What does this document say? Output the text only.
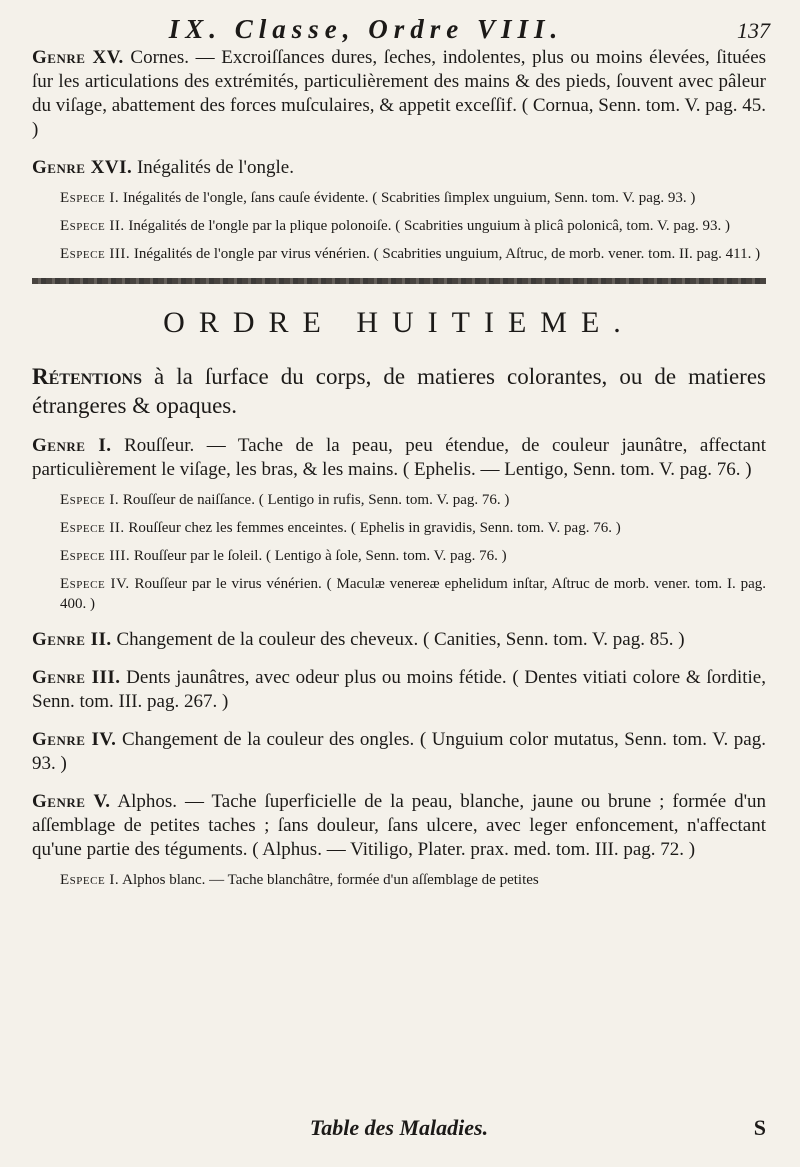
IX. Classe, Ordre VIII.	137

Genre XV. Cornes. — Excroiſſances dures, ſeches, indolentes, plus ou moins élevées, ſituées ſur les articulations des extrémités, particulièrement des mains & des pieds, ſouvent avec pâleur du viſage, abattement des forces muſculaires, & appetit exceſſif. ( Cornua, Senn. tom. V. pag. 45. )

Genre XVI. Inégalités de l'ongle.

Espece I. Inégalités de l'ongle, ſans cauſe évidente. ( Scabrities ſimplex unguium, Senn. tom. V. pag. 93. )

Espece II. Inégalités de l'ongle par la plique polonoiſe. ( Scabrities unguium à plicâ polonicâ, tom. V. pag. 93. )

Espece III. Inégalités de l'ongle par virus vénérien. ( Scabrities unguium, Aſtruc, de morb. vener. tom. II. pag. 411. )

ORDRE HUITIEME.

Rétentions à la ſurface du corps, de matieres colorantes, ou de matieres étrangeres & opaques.

Genre I. Rouſſeur. — Tache de la peau, peu étendue, de couleur jaunâtre, affectant particulièrement le viſage, les bras, & les mains. ( Ephelis. — Lentigo, Senn. tom. V. pag. 76. )

Espece I. Rouſſeur de naiſſance. ( Lentigo in rufis, Senn. tom. V. pag. 76. )

Espece II. Rouſſeur chez les femmes enceintes. ( Ephelis in gravidis, Senn. tom. V. pag. 76. )

Espece III. Rouſſeur par le ſoleil. ( Lentigo à ſole, Senn. tom. V. pag. 76. )

Espece IV. Rouſſeur par le virus vénérien. ( Maculæ venereæ ephelidum inſtar, Aſtruc de morb. vener. tom. I. pag. 400. )

Genre II. Changement de la couleur des cheveux. ( Canities, Senn. tom. V. pag. 85. )

Genre III. Dents jaunâtres, avec odeur plus ou moins fétide. ( Dentes vitiati colore & ſorditie, Senn. tom. III. pag. 267. )

Genre IV. Changement de la couleur des ongles. ( Unguium color mutatus, Senn. tom. V. pag. 93. )

Genre V. Alphos. — Tache ſuperficielle de la peau, blanche, jaune ou brune ; formée d'un aſſemblage de petites taches ; ſans douleur, ſans ulcere, avec leger enfoncement, n'affectant qu'une partie des téguments. ( Alphus. — Vitiligo, Plater. prax. med. tom. III. pag. 72. )

Espece I. Alphos blanc. — Tache blanchâtre, formée d'un aſſemblage de petites

Table des Maladies.	S
